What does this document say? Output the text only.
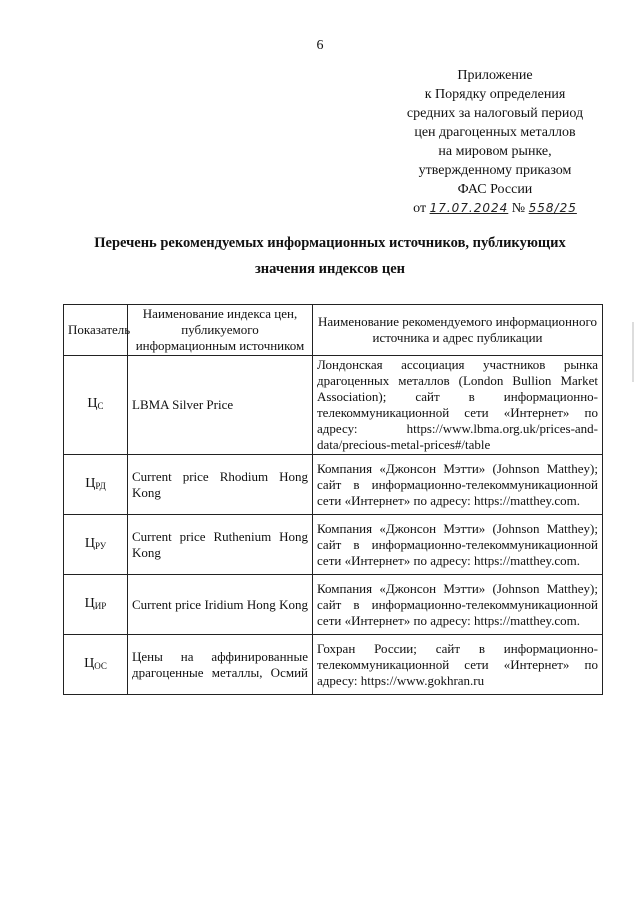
6
Приложение
к Порядку определения
средних за налоговый период
цен драгоценных металлов
на мировом рынке,
утвержденному приказом
ФАС России
от 17.07.2024 № 558/25
Перечень рекомендуемых информационных источников, публикующих
значения индексов цен
Показатель	Наименование индекса цен, публикуемого информационным источником	Наименование рекомендуемого информационного источника и адрес публикации
$Ц_С$	LBMA Silver Price	Лондонская ассоциация участников рынка драгоценных металлов (London Bullion Market Association); сайт в информационно-телекоммуникационной сети «Интернет» по адресу: https://www.lbma.org.uk/prices-and-data/precious-metal-prices#/table
$Ц_{РД}$	Current price Rhodium Hong Kong	Компания «Джонсон Мэтти» (Johnson Matthey); сайт в информационно-телекоммуникационной сети «Интернет» по адресу: https://matthey.com.
$Ц_{РУ}$	Current price Ruthenium Hong Kong	Компания «Джонсон Мэтти» (Johnson Matthey); сайт в информационно-телекоммуникационной сети «Интернет» по адресу: https://matthey.com.
$Ц_{ИР}$	Current price Iridium Hong Kong	Компания «Джонсон Мэтти» (Johnson Matthey); сайт в информационно-телекоммуникационной сети «Интернет» по адресу: https://matthey.com.
$Ц_{ОС}$	Цены на аффинированные драгоценные металлы, Осмий	Гохран России; сайт в информационно-телекоммуникационной сети «Интернет» по адресу: https://www.gokhran.ru
